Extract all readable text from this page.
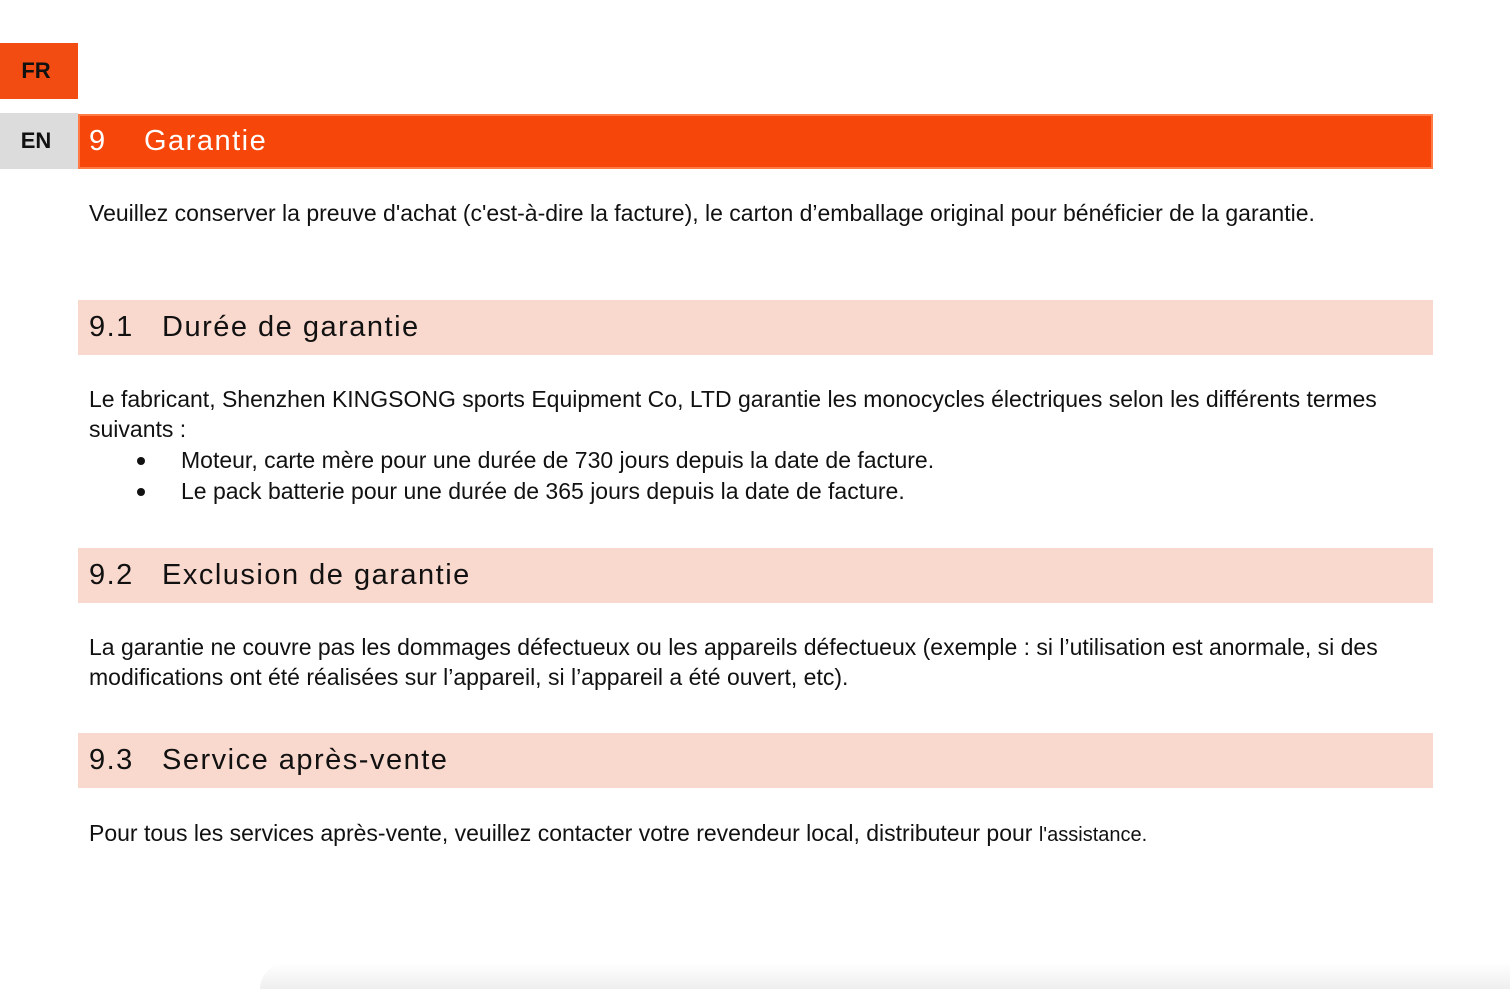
FR
EN 9	Garantie

Veuillez conserver la preuve d'achat (c'est-à-dire la facture), le carton d’emballage original pour bénéficier de la garantie.

9.1 Durée de garantie

Le fabricant, Shenzhen KINGSONG sports Equipment Co, LTD garantie les monocycles électriques selon les différents termes suivants :

Moteur, carte mère pour une durée de 730 jours depuis la date de facture.
Le pack batterie pour une durée de 365 jours depuis la date de facture.
9.2 Exclusion de garantie

La garantie ne couvre pas les dommages défectueux ou les appareils défectueux (exemple : si l’utilisation est anormale, si des modifications ont été réalisées sur l’appareil, si l’appareil a été ouvert, etc).

9.3 Service après-vente

Pour tous les services après-vente, veuillez contacter votre revendeur local, distributeur pour l'assistance.
